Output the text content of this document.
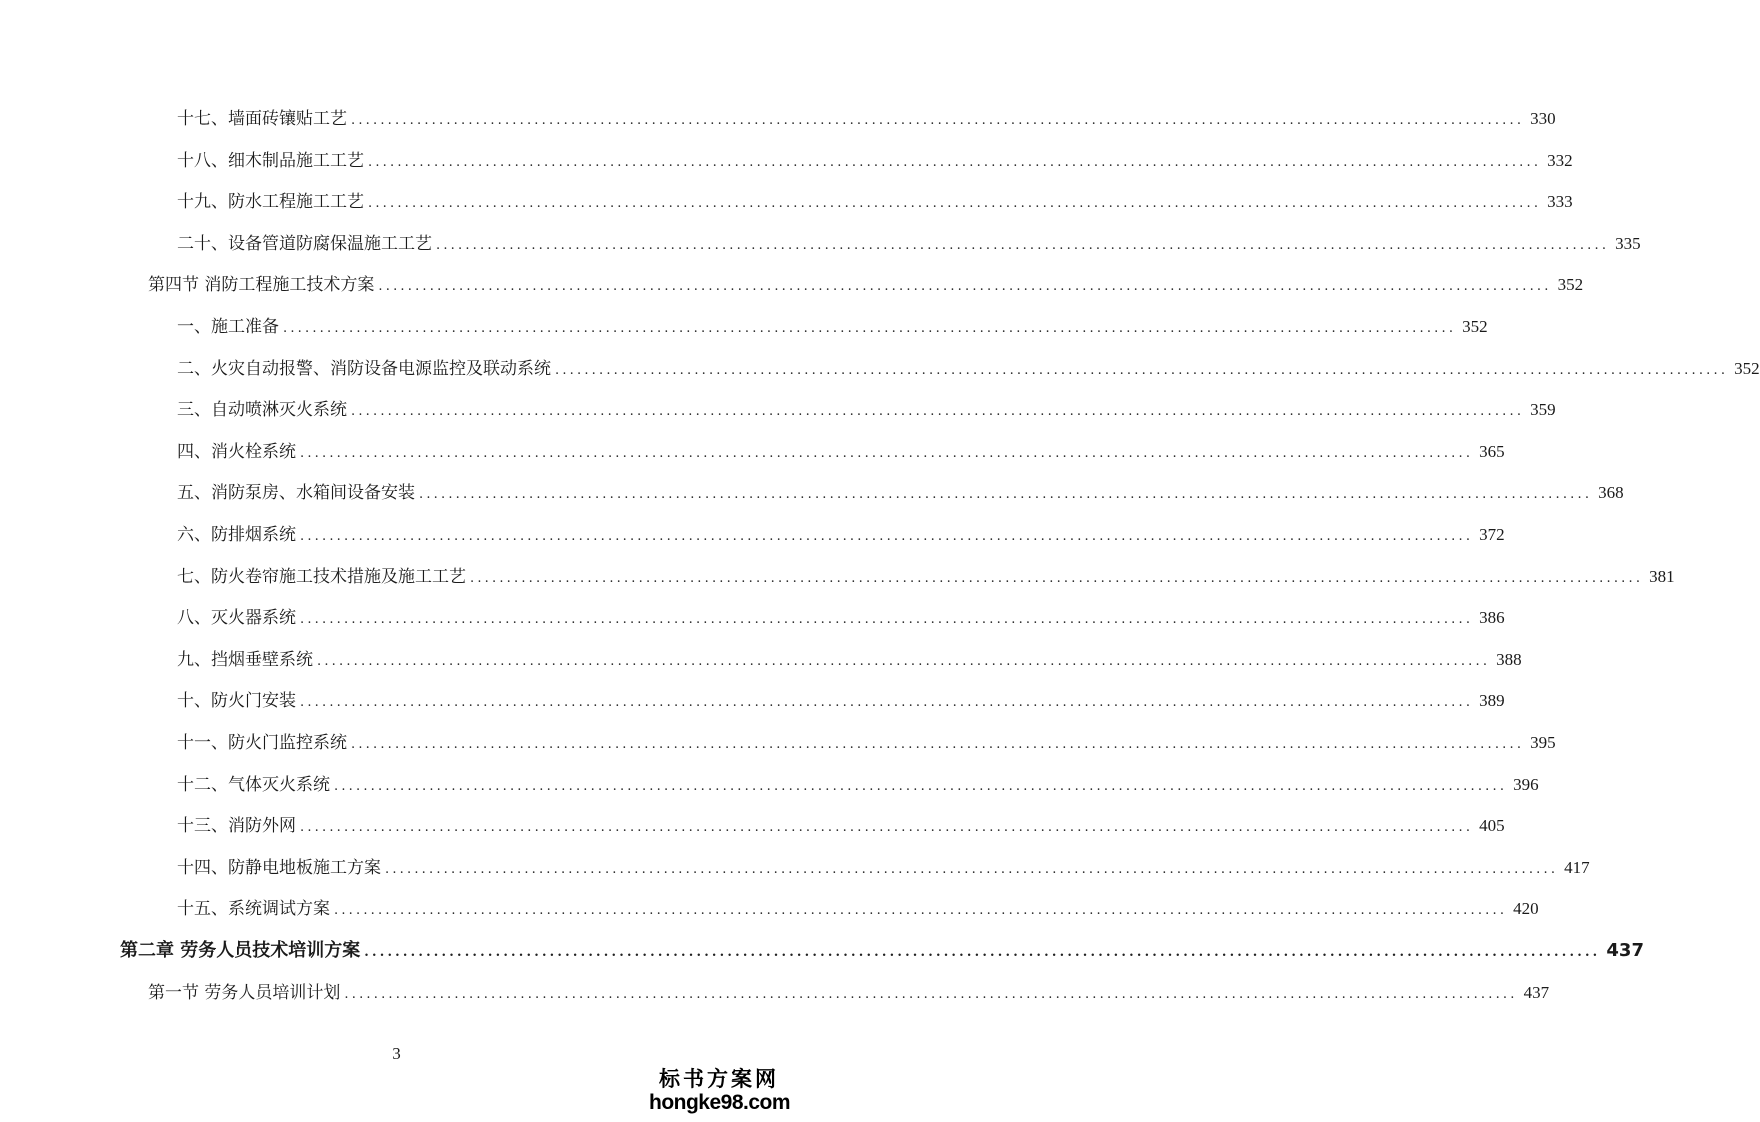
十七、墙面砖镶贴工艺 ................................................................................................................................................................ 330
十八、细木制品施工工艺 ................................................................................................................................................................ 332
十九、防水工程施工工艺 ................................................................................................................................................................ 333
二十、设备管道防腐保温施工工艺 ................................................................................................................................................................ 335
第四节 消防工程施工技术方案 ................................................................................................................................................................ 352
一、施工准备 ................................................................................................................................................................ 352
二、火灾自动报警、消防设备电源监控及联动系统 ................................................................................................................................................................ 352
三、自动喷淋灭火系统 ................................................................................................................................................................ 359
四、消火栓系统 ................................................................................................................................................................ 365
五、消防泵房、水箱间设备安装 ................................................................................................................................................................ 368
六、防排烟系统 ................................................................................................................................................................ 372
七、防火卷帘施工技术措施及施工工艺 ................................................................................................................................................................ 381
八、灭火器系统 ................................................................................................................................................................ 386
九、挡烟垂壁系统 ................................................................................................................................................................ 388
十、防火门安装 ................................................................................................................................................................ 389
十一、防火门监控系统 ................................................................................................................................................................ 395
十二、气体灭火系统 ................................................................................................................................................................ 396
十三、消防外网 ................................................................................................................................................................ 405
十四、防静电地板施工方案 ................................................................................................................................................................ 417
十五、系统调试方案 ................................................................................................................................................................ 420
第二章 劳务人员技术培训方案 ................................................................................................................................................................ 437
第一节 劳务人员培训计划 ................................................................................................................................................................ 437
3
标书方案网
hongke98.com
